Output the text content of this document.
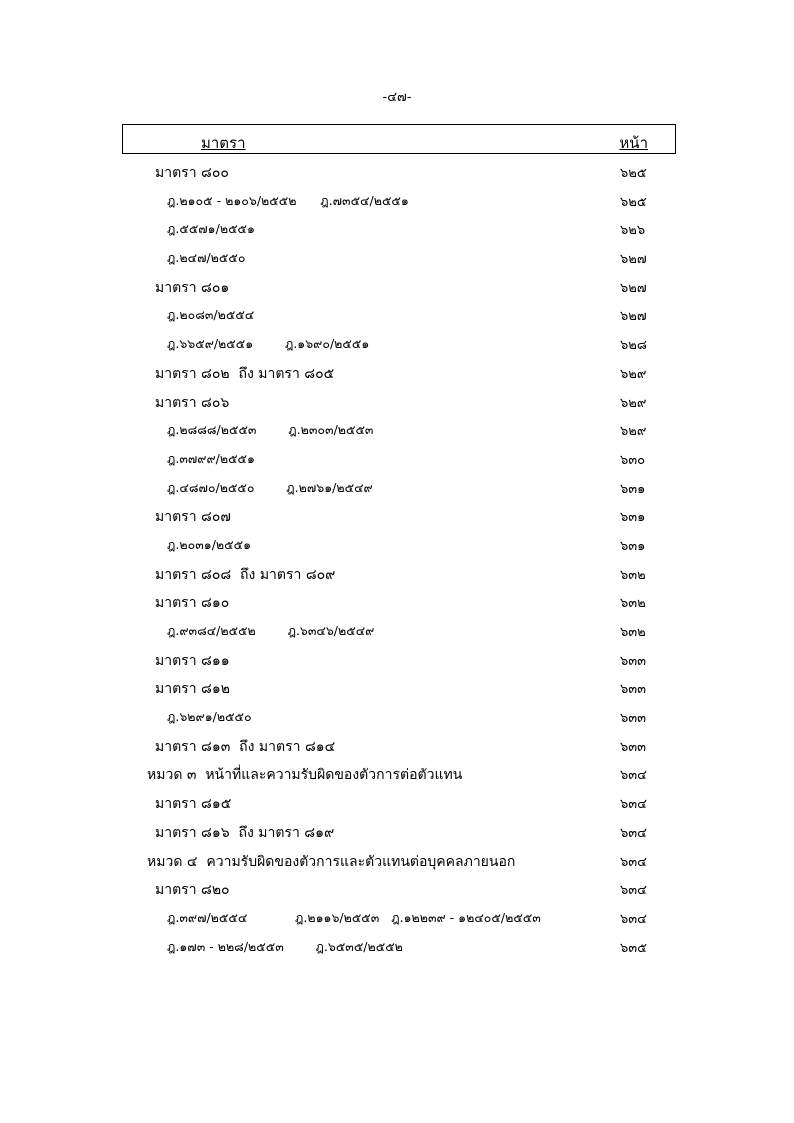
-๔๗-
มาตรา	หน้า
มาตรา ๘๐๐	๖๒๕
ฎ.๒๑๐๕ - ๒๑๐๖/๒๕๕๒      ฎ.๗๓๕๔/๒๕๕๑	๖๒๕
ฎ.๕๕๗๑/๒๕๕๑	๖๒๖
ฎ.๒๔๗/๒๕๕๐	๖๒๗
มาตรา ๘๐๑	๖๒๗
ฎ.๒๐๘๓/๒๕๕๔	๖๒๗
ฎ.๖๖๕๙/๒๕๕๑        ฎ.๑๖๙๐/๒๕๕๑	๖๒๘
มาตรา ๘๐๒  ถึง มาตรา ๘๐๕	๖๒๙
มาตรา ๘๐๖	๖๒๙
ฎ.๒๘๘๘/๒๕๕๓        ฎ.๒๓๐๓/๒๕๕๓	๖๒๙
ฎ.๓๗๙๙/๒๕๕๑	๖๓๐
ฎ.๔๘๗๐/๒๕๕๐        ฎ.๒๗๖๑/๒๕๔๙	๖๓๑
มาตรา ๘๐๗	๖๓๑
ฎ.๒๐๓๑/๒๕๕๑	๖๓๑
มาตรา ๘๐๘  ถึง มาตรา ๘๐๙	๖๓๒
มาตรา ๘๑๐	๖๓๒
ฎ.๙๓๘๔/๒๕๕๒        ฎ.๖๓๔๖/๒๕๔๙	๖๓๒
มาตรา ๘๑๑	๖๓๓
มาตรา ๘๑๒	๖๓๓
ฎ.๖๒๙๑/๒๕๕๐	๖๓๓
มาตรา ๘๑๓  ถึง มาตรา ๘๑๔	๖๓๓
หมวด ๓  หน้าที่และความรับผิดของตัวการต่อตัวแทน	๖๓๔
มาตรา ๘๑๕	๖๓๔
มาตรา ๘๑๖  ถึง มาตรา ๘๑๙	๖๓๔
หมวด ๔  ความรับผิดของตัวการและตัวแทนต่อบุคคลภายนอก	๖๓๔
มาตรา ๘๒๐	๖๓๔
ฎ.๓๙๗/๒๕๕๔            ฎ.๒๑๑๖/๒๕๕๓   ฎ.๑๒๒๓๙ - ๑๒๔๐๕/๒๕๕๓	๖๓๔
ฎ.๑๗๓ - ๒๒๘/๒๕๕๓        ฎ.๖๕๓๕/๒๕๕๒	๖๓๕
